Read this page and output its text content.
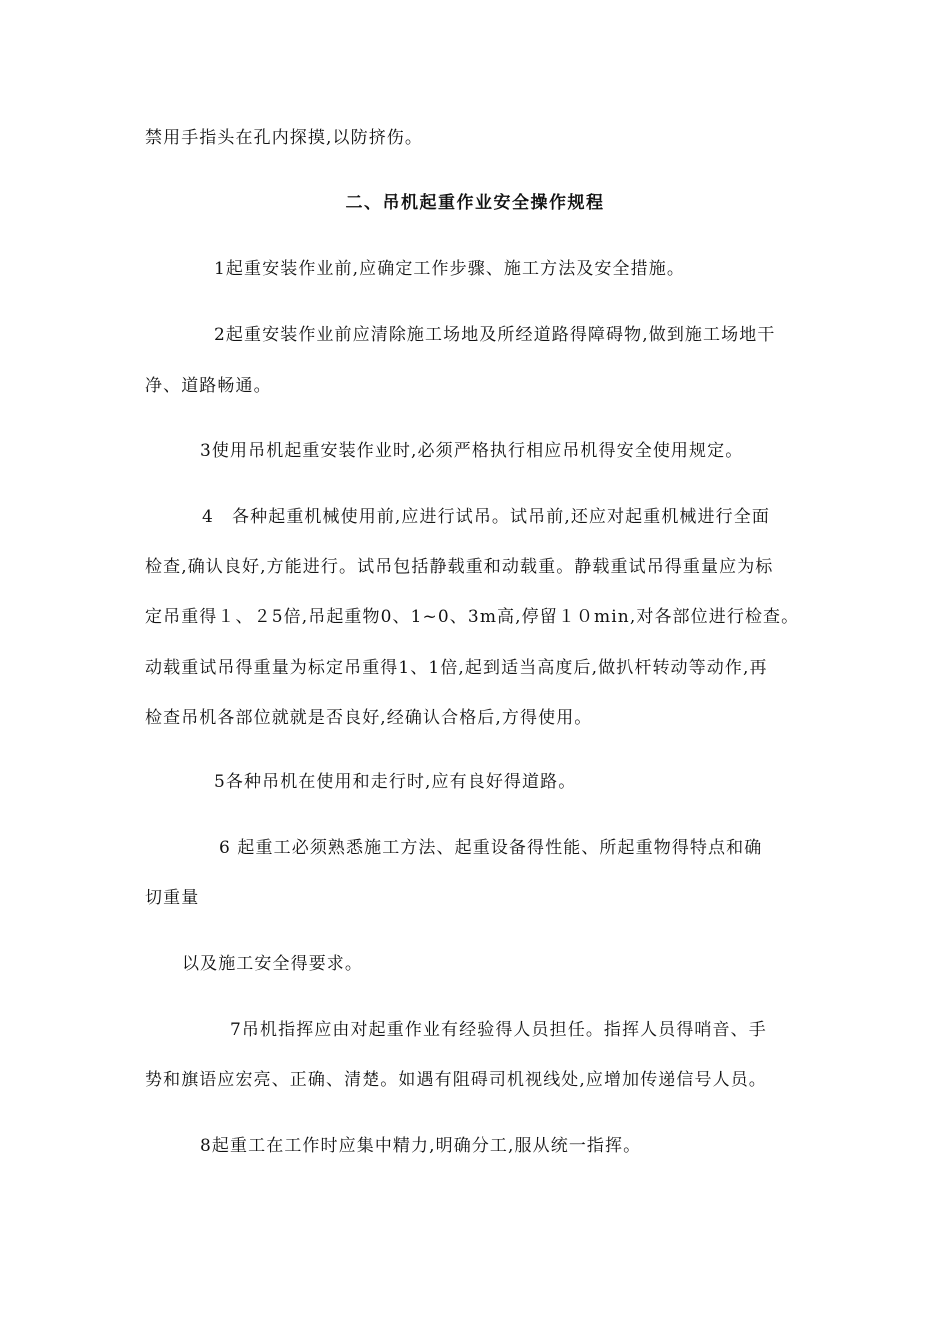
禁用手指头在孔内探摸,以防挤伤。
二、吊机起重作业安全操作规程
1起重安装作业前,应确定工作步骤、施工方法及安全措施。
2起重安装作业前应清除施工场地及所经道路得障碍物,做到施工场地干
净、道路畅通。
3使用吊机起重安装作业时,必须严格执行相应吊机得安全使用规定。
4　各种起重机械使用前,应进行试吊。试吊前,还应对起重机械进行全面
检查,确认良好,方能进行。试吊包括静载重和动载重。静载重试吊得重量应为标
定吊重得１、２5倍,吊起重物0、1~0、3m高,停留１０min,对各部位进行检查。
动载重试吊得重量为标定吊重得1、1倍,起到适当高度后,做扒杆转动等动作,再
检查吊机各部位就就是否良好,经确认合格后,方得使用。
5各种吊机在使用和走行时,应有良好得道路。
6 起重工必须熟悉施工方法、起重设备得性能、所起重物得特点和确
切重量
以及施工安全得要求。
7吊机指挥应由对起重作业有经验得人员担任。指挥人员得哨音、手
势和旗语应宏亮、正确、清楚。如遇有阻碍司机视线处,应增加传递信号人员。
8起重工在工作时应集中精力,明确分工,服从统一指挥。
